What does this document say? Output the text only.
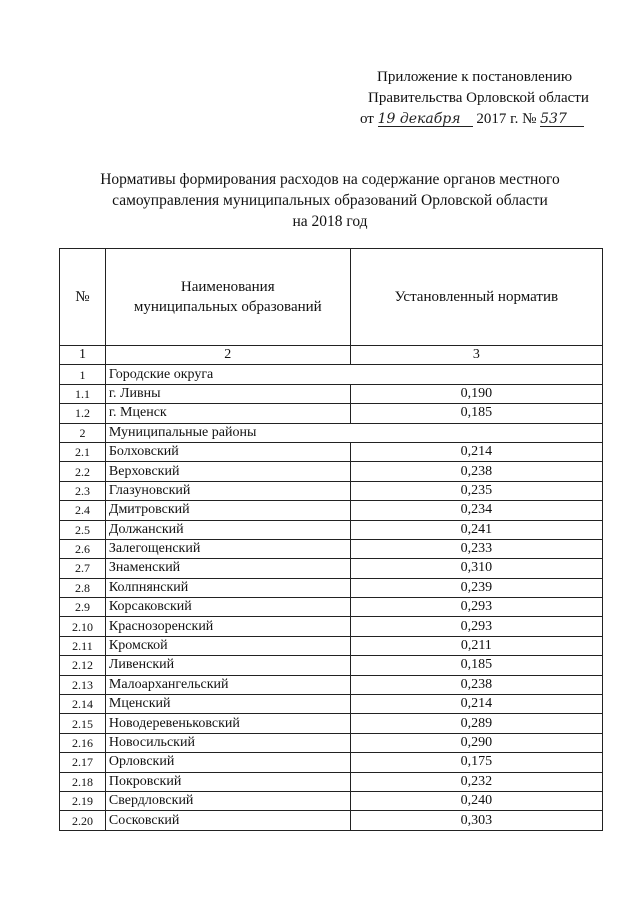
Приложение к постановлению
Правительства Орловской области
от 19 декабря 2017 г. № 537
Нормативы формирования расходов на содержание органов местного
самоуправления муниципальных образований Орловской области
на 2018 год
№	Наименования муниципальных образований	Установленный норматив
1	2	3
1	Городские округа	
1.1	г. Ливны	0,190
1.2	г. Мценск	0,185
2	Муниципальные районы	
2.1	Болховский	0,214
2.2	Верховский	0,238
2.3	Глазуновский	0,235
2.4	Дмитровский	0,234
2.5	Должанский	0,241
2.6	Залегощенский	0,233
2.7	Знаменский	0,310
2.8	Колпнянский	0,239
2.9	Корсаковский	0,293
2.10	Краснозоренский	0,293
2.11	Кромской	0,211
2.12	Ливенский	0,185
2.13	Малоархангельский	0,238
2.14	Мценский	0,214
2.15	Новодеревеньковский	0,289
2.16	Новосильский	0,290
2.17	Орловский	0,175
2.18	Покровский	0,232
2.19	Свердловский	0,240
2.20	Сосковский	0,303
